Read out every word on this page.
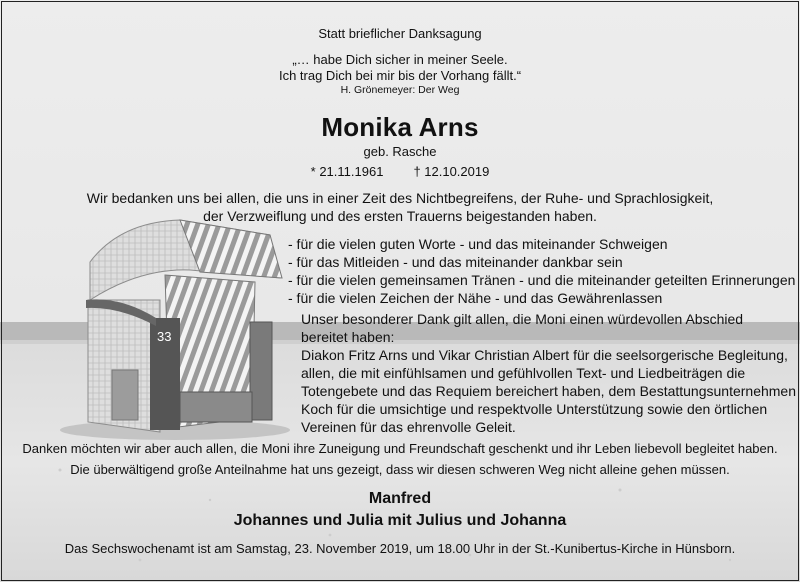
33
Statt brieflicher Danksagung
„… habe Dich sicher in meiner Seele.
Ich trag Dich bei mir bis der Vorhang fällt.“
H. Grönemeyer: Der Weg
Monika Arns
geb. Rasche
* 21.11.1961 † 12.10.2019
Wir bedanken uns bei allen, die uns in einer Zeit des Nichtbegreifens, der Ruhe- und Sprachlosigkeit,
der Verzweiflung und des ersten Trauerns beigestanden haben.
- für die vielen guten Worte - und das miteinander Schweigen
- für das Mitleiden - und das miteinander dankbar sein
- für die vielen gemeinsamen Tränen - und die miteinander geteilten Erinnerungen
- für die vielen Zeichen der Nähe - und das Gewährenlassen
Unser besonderer Dank gilt allen, die Moni einen würdevollen Abschied
bereitet haben:
Diakon Fritz Arns und Vikar Christian Albert für die seelsorgerische Begleitung,
allen, die mit einfühlsamen und gefühlvollen Text- und Liedbeiträgen die
Totengebete und das Requiem bereichert haben, dem Bestattungsunternehmen
Koch für die umsichtige und respektvolle Unterstützung sowie den örtlichen
Vereinen für das ehrenvolle Geleit.
Danken möchten wir aber auch allen, die Moni ihre Zuneigung und Freundschaft geschenkt und ihr Leben liebevoll begleitet haben.
Die überwältigend große Anteilnahme hat uns gezeigt, dass wir diesen schweren Weg nicht alleine gehen müssen.
Manfred
Johannes und Julia mit Julius und Johanna
Das Sechswochenamt ist am Samstag, 23. November 2019, um 18.00 Uhr in der St.-Kunibertus-Kirche in Hünsborn.
